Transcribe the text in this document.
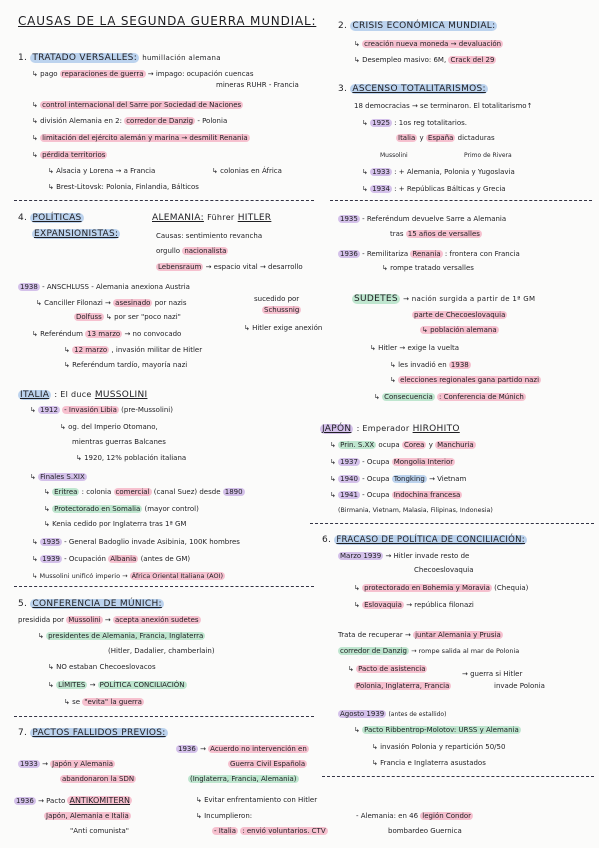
CAUSAS DE LA SEGUNDA GUERRA MUNDIAL:
1. TRATADO VERSALLES: humillación alemana
↳ pago reparaciones de guerra → impago: ocupación cuencas
mineras RUHR - Francia
↳ control internacional del Sarre por Sociedad de Naciones
↳ división Alemania en 2: corredor de Danzig - Polonia
↳ limitación del ejército alemán y marina → desmilit Renania
↳ pérdida territorios
↳ Alsacia y Lorena → a Francia	↳ colonias en África
↳ Brest-Litovsk: Polonia, Finlandia, Bálticos
2. CRISIS ECONÓMICA MUNDIAL:
↳ creación nueva moneda → devaluación
↳ Desempleo masivo: 6M, Crack del 29
3. ASCENSO TOTALITARISMOS:
18 democracias → se terminaron. El totalitarismo↑
↳ 1925 : 1os reg totalitarios.
Italia y España dictaduras
Mussolini	Primo de Rivera
↳ 1933 : + Alemania, Polonia y Yugoslavia
↳ 1934 : + Repúblicas Bálticas y Grecia
4. POLÍTICAS
EXPANSIONISTAS:
ALEMANIA: Führer HITLER
Causas: sentimiento revancha
orgullo nacionalista
Lebensraum → espacio vital → desarrollo
1938 - ANSCHLUSS - Alemania anexiona Austria
↳ Canciller Filonazi → asesinado por nazis
Dolfuss ↳ por ser "poco nazi"
sucedido por
Schussnig
↳ Hitler exige anexión
↳ Referéndum 13 marzo → no convocado
↳ 12 marzo , invasión militar de Hitler
↳ Referéndum tardío, mayoría nazi
1935 - Referéndum devuelve Sarre a Alemania
tras 15 años de versalles
1936 - Remilitariza Renania : frontera con Francia
↳ rompe tratado versalles
SUDETES → nación surgida a partir de 1ª GM
parte de Checoeslovaquia
↳ población alemana
↳ Hitler → exige la vuelta
↳ les invadió en 1938
↳ elecciones regionales gana partido nazi
↳ Consecuencia : Conferencia de Múnich
ITALIA : El duce MUSSOLINI
↳ 1912 - Invasión Libia (pre-Mussolini)
↳ og. del Imperio Otomano,
mientras guerras Balcanes
↳ 1920, 12% población italiana
↳ Finales S.XIX
↳ Eritrea : colonia comercial (canal Suez) desde 1890
↳ Protectorado en Somalia (mayor control)
↳ Kenia cedido por Inglaterra tras 1ª GM
↳ 1935 - General Badoglio invade Asibinia, 100K hombres
↳ 1939 - Ocupación Albania (antes de GM)
↳ Mussolini unificó imperio → África Oriental Italiana (AOI)
JAPÓN : Emperador HIROHITO
↳ Prin. S.XX ocupa Corea y Manchuria
↳ 1937 - Ocupa Mongolia Interior
↳ 1940 - Ocupa Tongking → Vietnam
↳ 1941 - Ocupa Indochina francesa
(Birmania, Vietnam, Malasia, Filipinas, Indonesia)
5. CONFERENCIA DE MÚNICH:
presidida por Mussolini → acepta anexión sudetes
↳ presidentes de Alemania, Francia, Inglaterra
(Hitler, Dadalier, chamberlain)
↳ NO estaban Checoeslovacos
↳ LÍMITES → POLÍTICA CONCILIACIÓN
↳ se "evita" la guerra
6. FRACASO DE POLÍTICA DE CONCILIACIÓN:
Marzo 1939 → Hitler invade resto de
Checoeslovaquia
↳ protectorado en Bohemia y Moravia (Chequia)
↳ Eslovaquia → república filonazi
Trata de recuperar → juntar Alemania y Prusia
corredor de Danzig → rompe salida al mar de Polonia
↳ Pacto de asistencia
→ guerra si Hitler
Polonia, Inglaterra, Francia	invade Polonia
Agosto 1939 (antes de estallido)
↳ Pacto Ribbentrop-Molotov: URSS y Alemania
↳ invasión Polonia y repartición 50/50
↳ Francia e Inglaterra asustados
7. PACTOS FALLIDOS PREVIOS:
1933 → Japón y Alemania
abandonaron la SDN
1936 → Pacto ANTIKOMITERN
Japón, Alemania e Italia
"Anti comunista"
1936 → Acuerdo no intervención en
Guerra Civil Española
(Inglaterra, Francia, Alemania)
↳ Evitar enfrentamiento con Hitler
↳ Incumplieron:
- Italia : envió voluntarios. CTV
- Alemania: en 46 legión Condor
bombardeo Guernica
